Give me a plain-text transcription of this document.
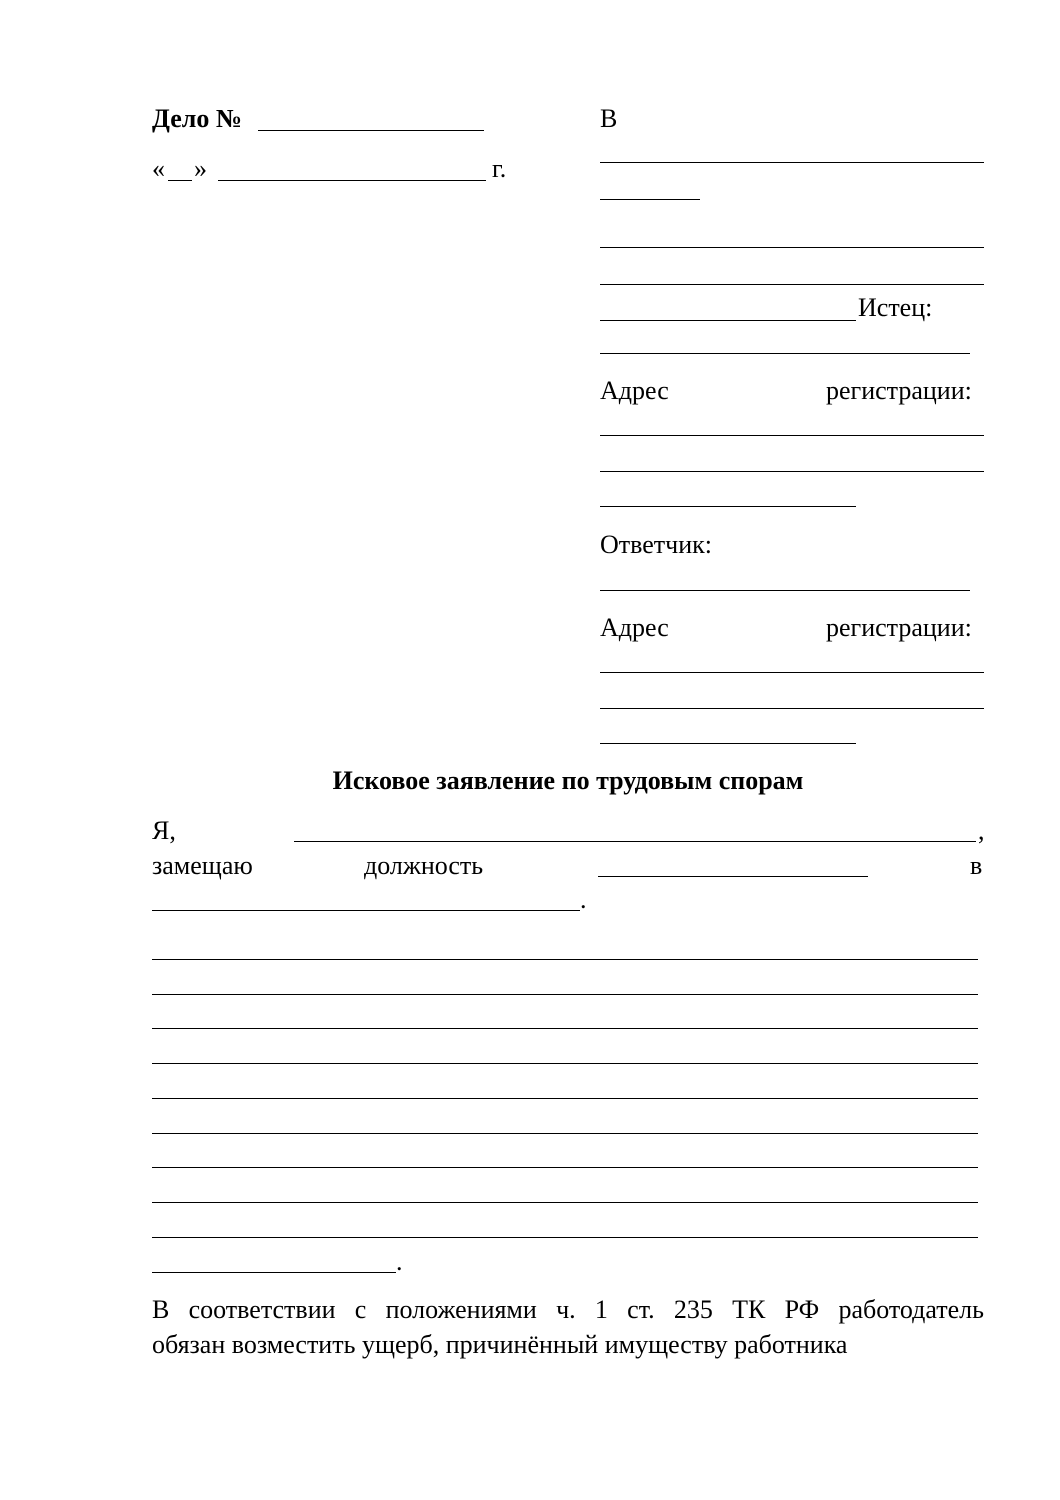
Дело №
« »	г.
В
Истец:
Адрес	регистрации:
Ответчик:
Адрес	регистрации:
Исковое заявление по трудовым спорам
Я,	,
замещаю	должность	в
.
.
В соответствии с положениями ч. 1 ст. 235 ТК РФ работодатель
обязан возместить ущерб, причинённый имуществу работника
